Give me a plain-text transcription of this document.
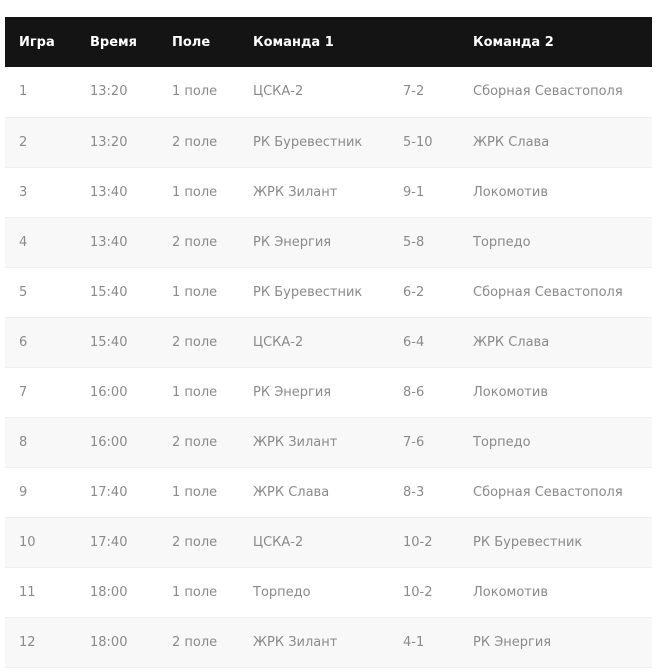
Игра	Время	Поле	Команда 1		Команда 2
1	13:20	1 поле	ЦСКА-2	7-2	Сборная Севастополя
2	13:20	2 поле	РК Буревестник	5-10	ЖРК Слава
3	13:40	1 поле	ЖРК Зилант	9-1	Локомотив
4	13:40	2 поле	РК Энергия	5-8	Торпедо
5	15:40	1 поле	РК Буревестник	6-2	Сборная Севастополя
6	15:40	2 поле	ЦСКА-2	6-4	ЖРК Слава
7	16:00	1 поле	РК Энергия	8-6	Локомотив
8	16:00	2 поле	ЖРК Зилант	7-6	Торпедо
9	17:40	1 поле	ЖРК Слава	8-3	Сборная Севастополя
10	17:40	2 поле	ЦСКА-2	10-2	РК Буревестник
11	18:00	1 поле	Торпедо	10-2	Локомотив
12	18:00	2 поле	ЖРК Зилант	4-1	РК Энергия
